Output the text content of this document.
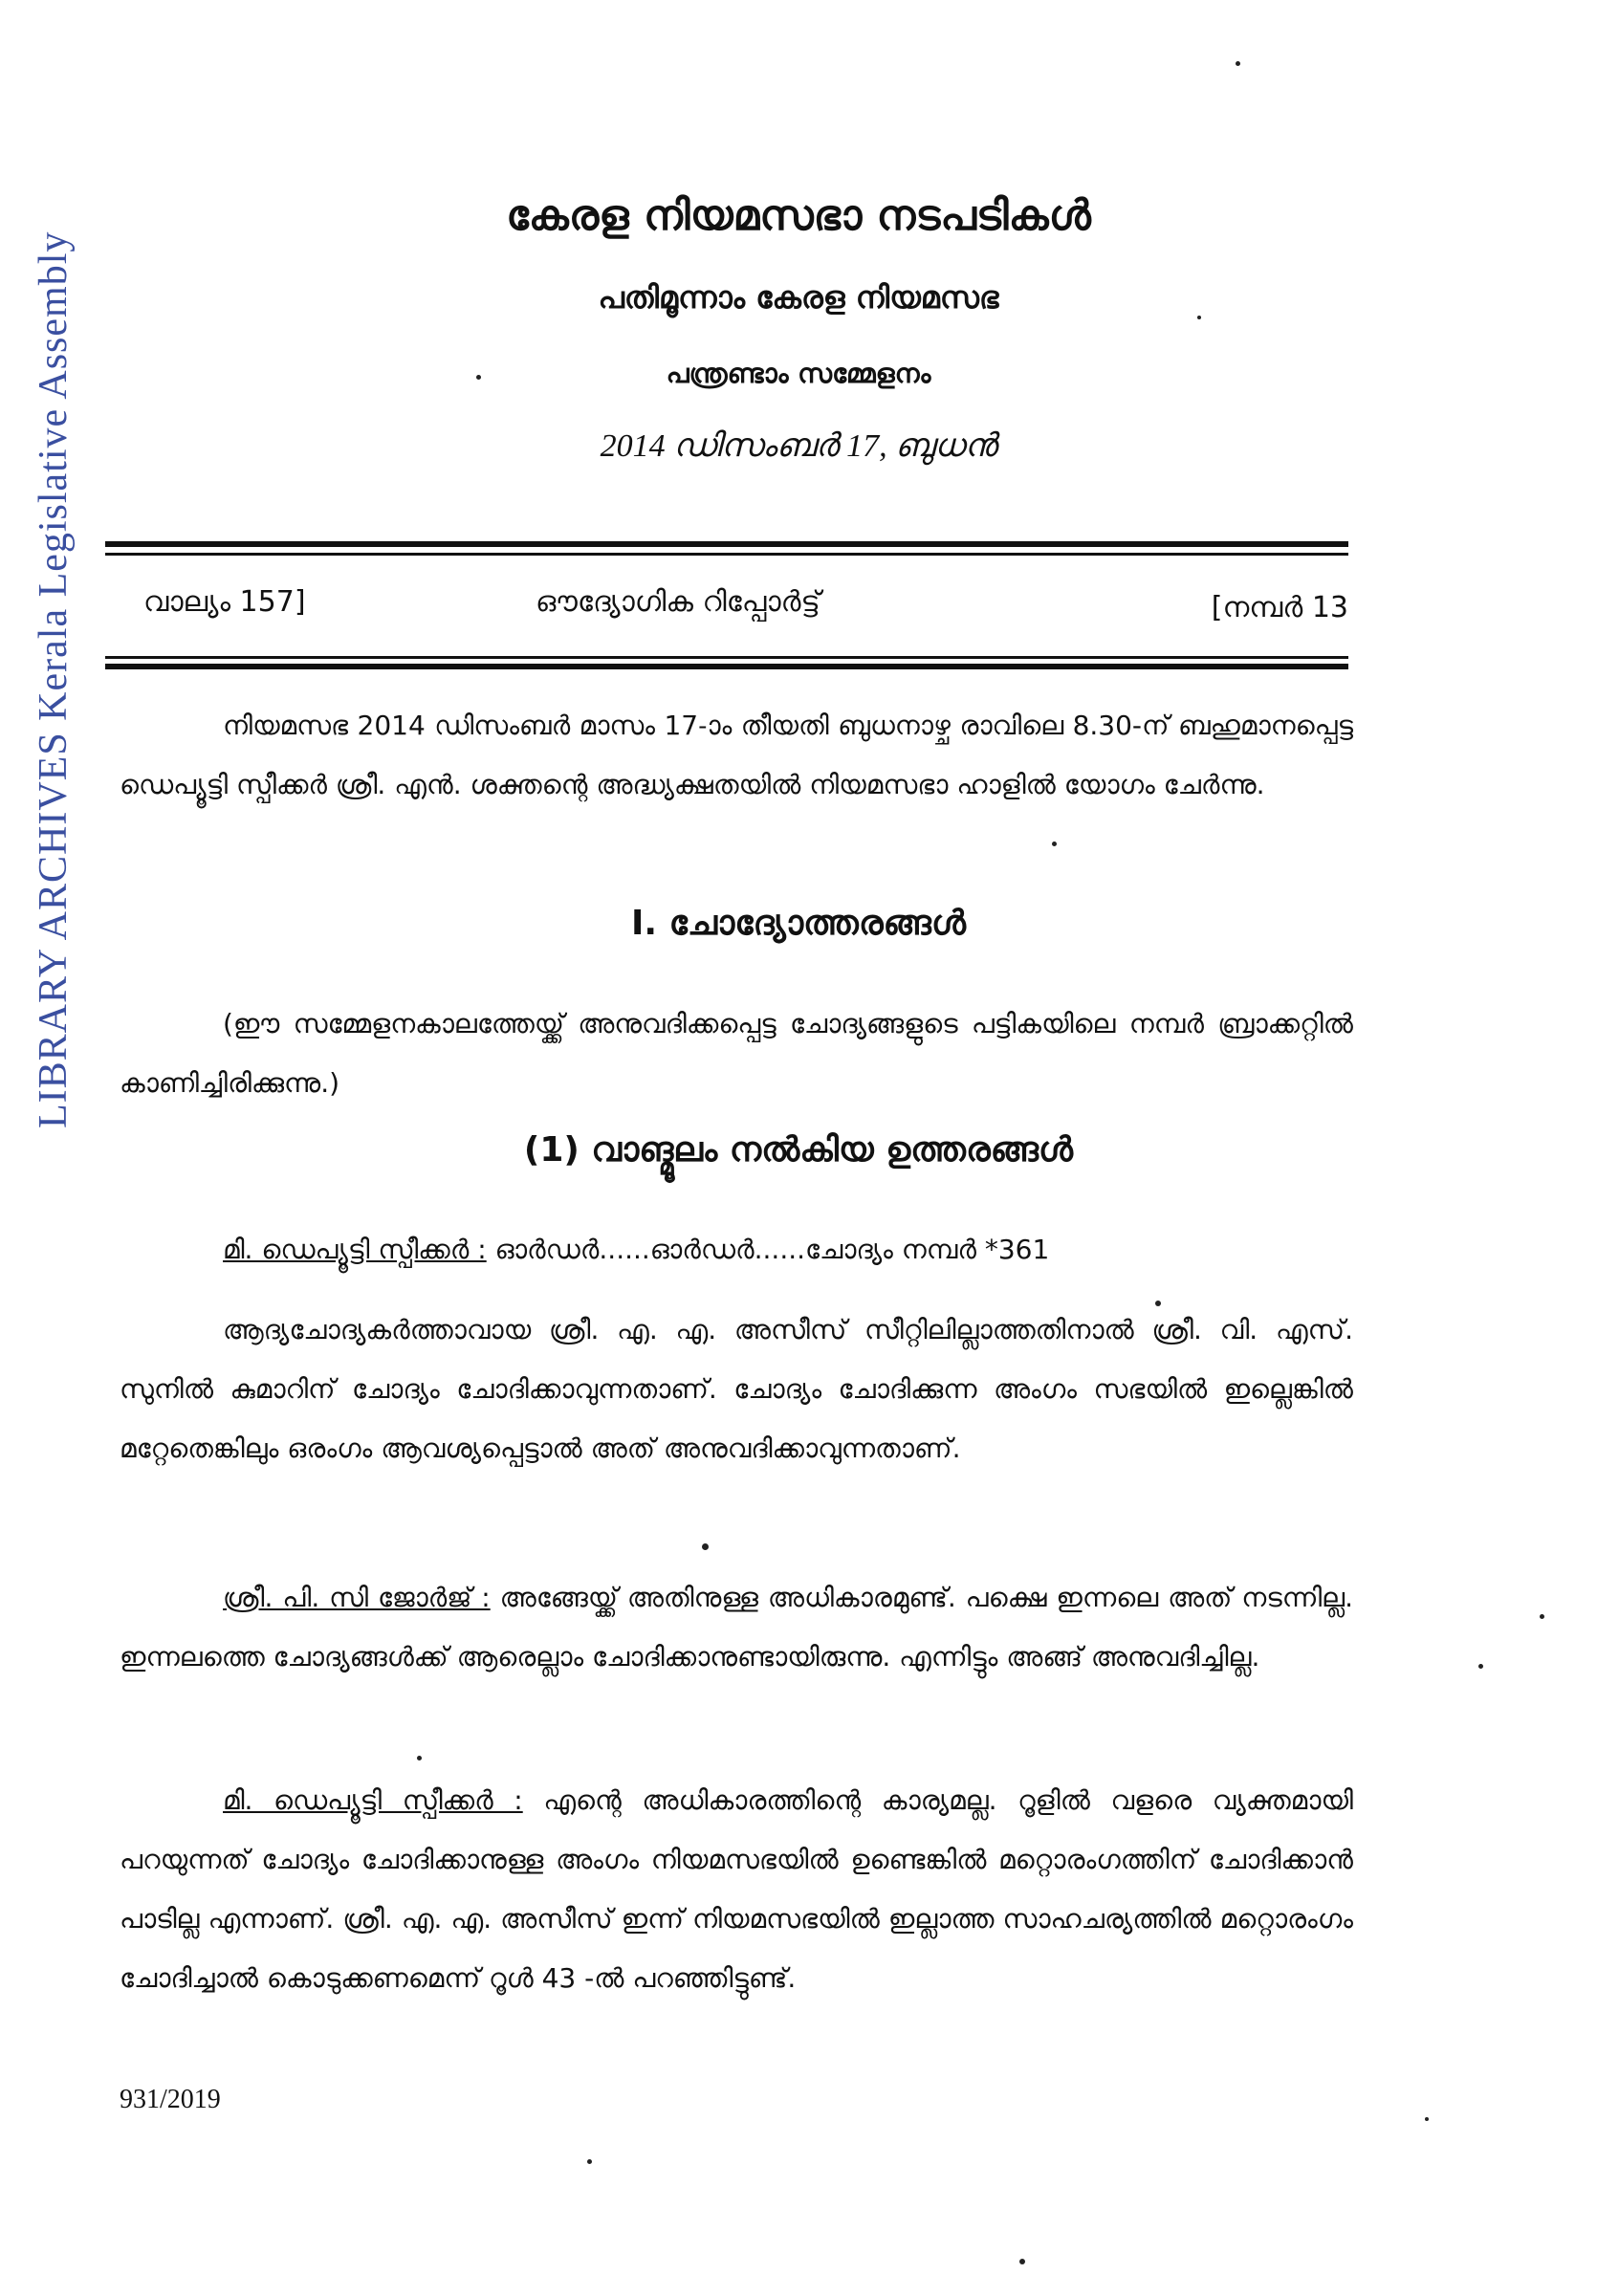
LIBRARY ARCHIVES Kerala Legislative Assembly
കേരള നിയമസഭാ നടപടികൾ
പതിമൂന്നാം കേരള നിയമസഭ
പന്ത്രണ്ടാം സമ്മേളനം
2014 ഡിസംബർ 17, ബുധൻ
വാല്യം 157]	ഔദ്യോഗിക റിപ്പോർട്ട്	[നമ്പർ 13
നിയമസഭ 2014 ഡിസംബർ മാസം 17-ാം തീയതി ബുധനാഴ്ച രാവിലെ 8.30-ന് ബഹുമാനപ്പെട്ട ഡെപ്യൂട്ടി സ്പീക്കർ ശ്രീ. എൻ. ശക്തന്റെ അദ്ധ്യക്ഷതയിൽ നിയമസഭാ ഹാളിൽ യോഗം ചേർന്നു.
I. ചോദ്യോത്തരങ്ങൾ
(ഈ സമ്മേളനകാലത്തേയ്ക്ക് അനുവദിക്കപ്പെട്ട ചോദ്യങ്ങളുടെ പട്ടികയിലെ നമ്പർ ബ്രാക്കറ്റിൽ കാണിച്ചിരിക്കുന്നു.)
(1) വാങ്മൂലം നൽകിയ ഉത്തരങ്ങൾ
മി. ഡെപ്യൂട്ടി സ്പീക്കർ : ഓർഡർ......ഓർഡർ......ചോദ്യം നമ്പർ *361
ആദ്യചോദ്യകർത്താവായ ശ്രീ. എ. എ. അസീസ് സീറ്റിലില്ലാത്തതിനാൽ ശ്രീ. വി. എസ്. സുനിൽ കുമാറിന് ചോദ്യം ചോദിക്കാവുന്നതാണ്. ചോദ്യം ചോദിക്കുന്ന അംഗം സഭയിൽ ഇല്ലെങ്കിൽ മറ്റേതെങ്കിലും ഒരംഗം ആവശ്യപ്പെട്ടാൽ അത് അനുവദിക്കാവുന്നതാണ്.
ശ്രീ. പി. സി ജോർജ് : അങ്ങേയ്ക്ക് അതിനുള്ള അധികാരമുണ്ട്. പക്ഷെ ഇന്നലെ അത് നടന്നില്ല. ഇന്നലത്തെ ചോദ്യങ്ങൾക്ക് ആരെല്ലാം ചോദിക്കാനുണ്ടായിരുന്നു. എന്നിട്ടും അങ്ങ് അനുവദിച്ചില്ല.
മി. ഡെപ്യൂട്ടി സ്പീക്കർ : എന്റെ അധികാരത്തിന്റെ കാര്യമല്ല. റൂളിൽ വളരെ വ്യക്തമായി പറയുന്നത് ചോദ്യം ചോദിക്കാനുള്ള അംഗം നിയമസഭയിൽ ഉണ്ടെങ്കിൽ മറ്റൊരംഗത്തിന് ചോദിക്കാൻ പാടില്ല എന്നാണ്. ശ്രീ. എ. എ. അസീസ് ഇന്ന് നിയമസഭയിൽ ഇല്ലാത്ത സാഹചര്യത്തിൽ മറ്റൊരംഗം ചോദിച്ചാൽ കൊടുക്കണമെന്ന് റൂൾ 43 -ൽ പറഞ്ഞിട്ടുണ്ട്.
931/2019
